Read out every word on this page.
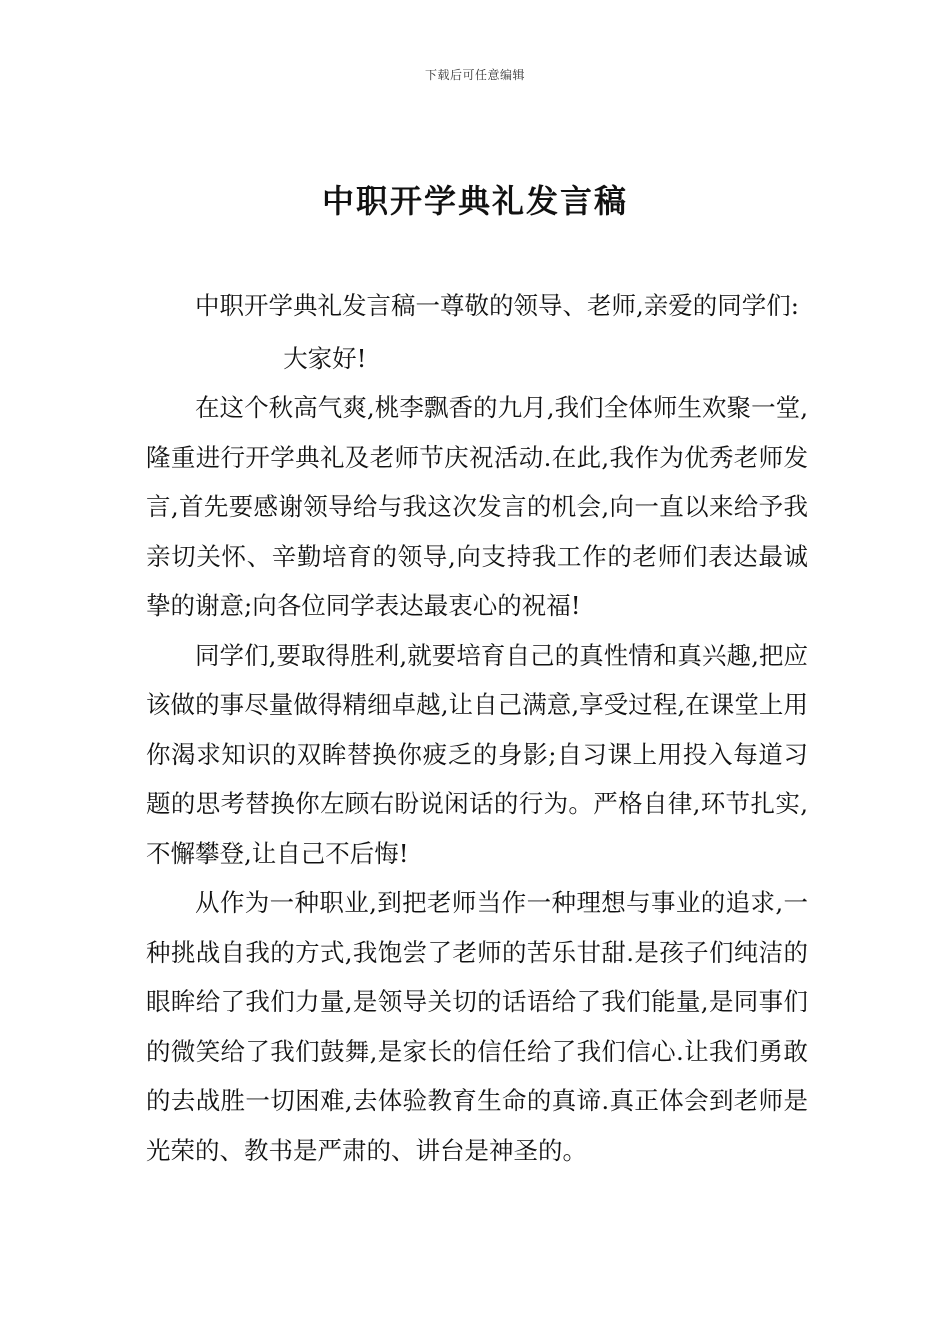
下载后可任意编辑
中职开学典礼发言稿

中职开学典礼发言稿一尊敬的领导、老师,亲爱的同学们:

大家好!

在这个秋高气爽,桃李飘香的九月,我们全体师生欢聚一堂,隆重进行开学典礼及老师节庆祝活动.在此,我作为优秀老师发言,首先要感谢领导给与我这次发言的机会,向一直以来给予我亲切关怀、辛勤培育的领导,向支持我工作的老师们表达最诚挚的谢意;向各位同学表达最衷心的祝福!

同学们,要取得胜利,就要培育自己的真性情和真兴趣,把应该做的事尽量做得精细卓越,让自己满意,享受过程,在课堂上用你渴求知识的双眸替换你疲乏的身影;自习课上用投入每道习题的思考替换你左顾右盼说闲话的行为。严格自律,环节扎实,不懈攀登,让自己不后悔!

从作为一种职业,到把老师当作一种理想与事业的追求,一种挑战自我的方式,我饱尝了老师的苦乐甘甜.是孩子们纯洁的眼眸给了我们力量,是领导关切的话语给了我们能量,是同事们的微笑给了我们鼓舞,是家长的信任给了我们信心.让我们勇敢的去战胜一切困难,去体验教育生命的真谛.真正体会到老师是光荣的、教书是严肃的、讲台是神圣的。
